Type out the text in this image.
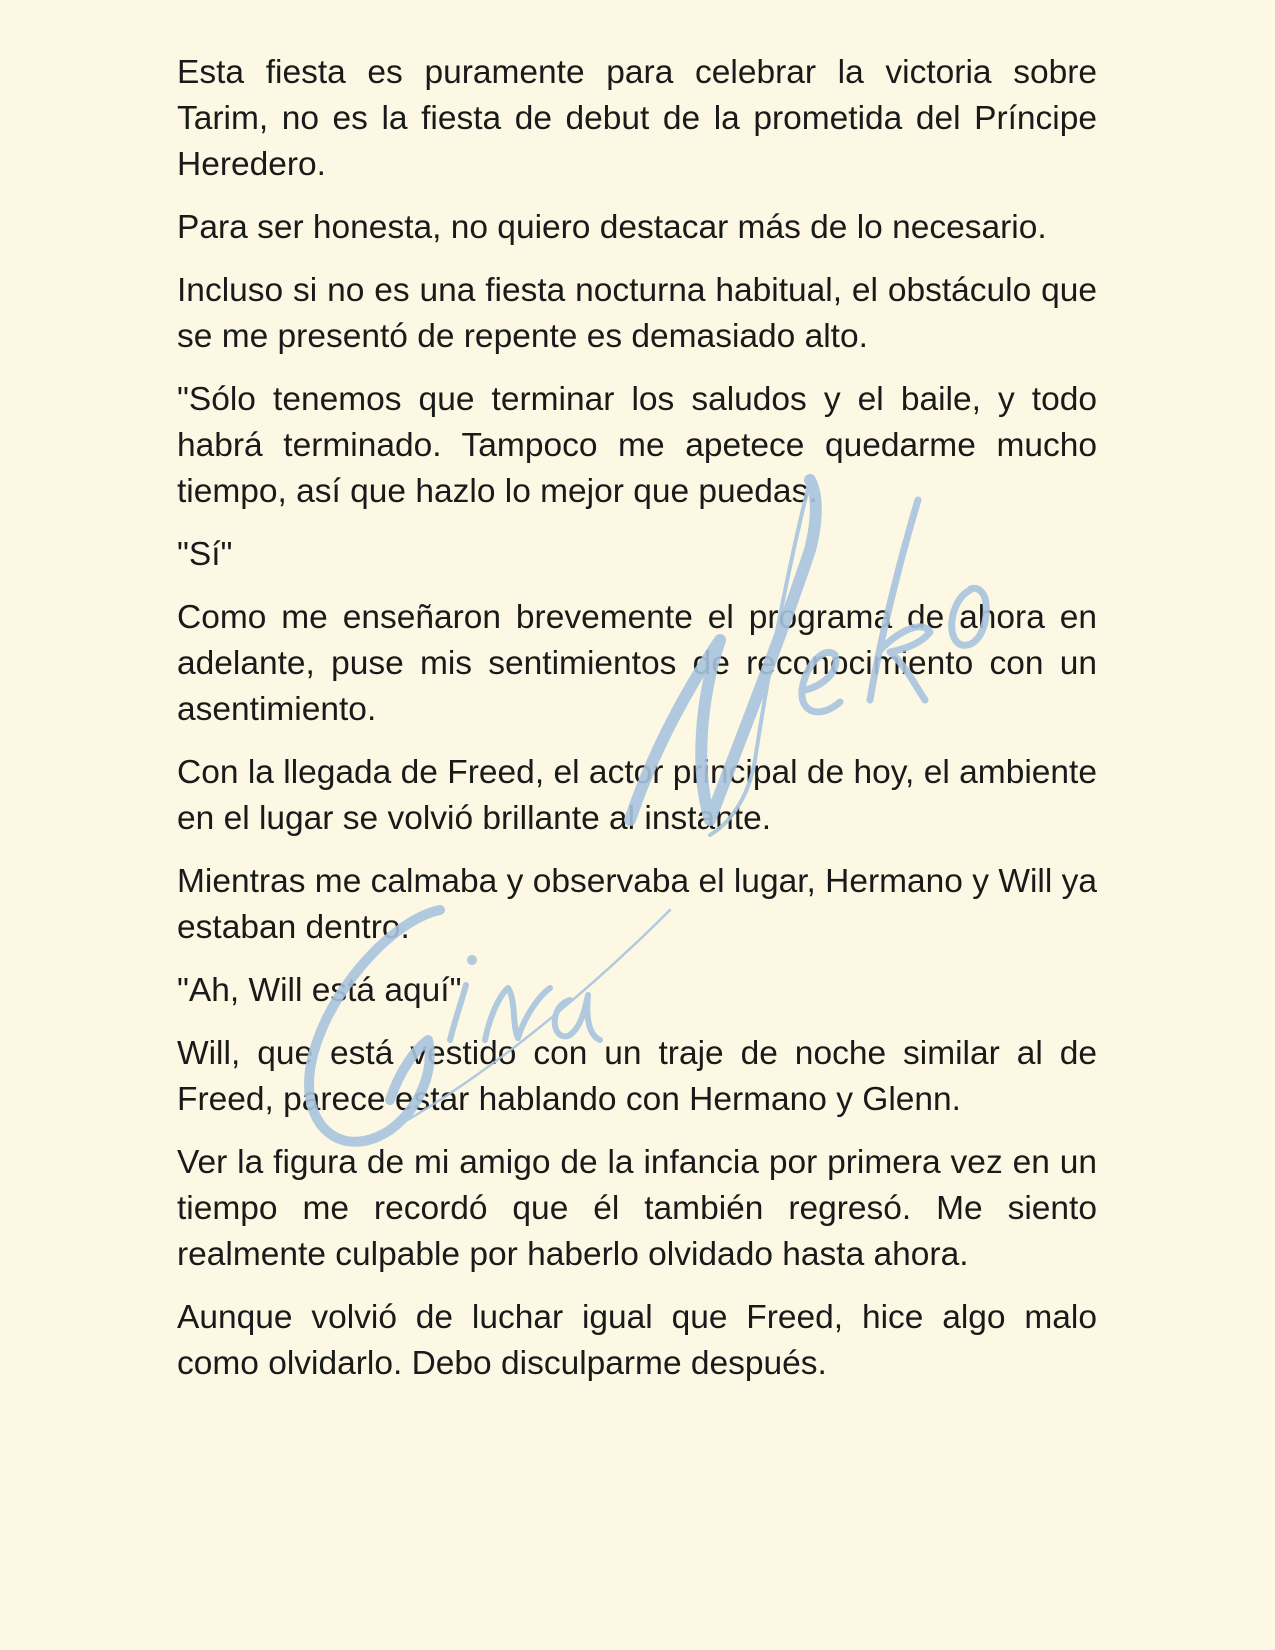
Esta fiesta es puramente para celebrar la victoria sobre Tarim, no es la fiesta de debut de la prometida del Príncipe Heredero.

Para ser honesta, no quiero destacar más de lo necesario.

Incluso si no es una fiesta nocturna habitual, el obstáculo que se me presentó de repente es demasiado alto.

"Sólo tenemos que terminar los saludos y el baile, y todo habrá terminado. Tampoco me apetece quedarme mucho tiempo, así que hazlo lo mejor que puedas.

"Sí"

Como me enseñaron brevemente el programa de ahora en adelante, puse mis sentimientos de reconocimiento con un asentimiento.

Con la llegada de Freed, el actor principal de hoy, el ambiente en el lugar se volvió brillante al instante.

Mientras me calmaba y observaba el lugar, Hermano y Will ya estaban dentro.

"Ah, Will está aquí"

Will, que está vestido con un traje de noche similar al de Freed, parece estar hablando con Hermano y Glenn.

Ver la figura de mi amigo de la infancia por primera vez en un tiempo me recordó que él también regresó. Me siento realmente culpable por haberlo olvidado hasta ahora.

Aunque volvió de luchar igual que Freed, hice algo malo como olvidarlo. Debo disculparme después.
